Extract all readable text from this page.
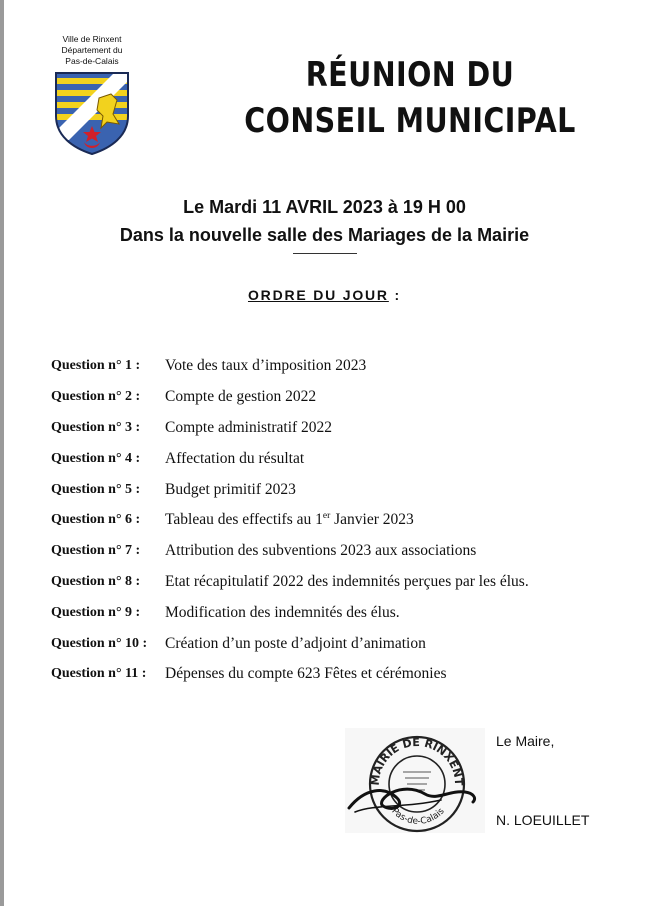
Ville de Rinxent
Département du
Pas-de-Calais	RÉUNION DU
CONSEIL MUNICIPAL
Le Mardi 11 AVRIL 2023 à 19 H 00
Dans la nouvelle salle des Mariages de la Mairie
ORDRE DU JOUR :
Question n° 1 :	Vote des taux d’imposition 2023
Question n° 2 :	Compte de gestion 2022
Question n° 3 :	Compte administratif 2022
Question n° 4 :	Affectation du résultat
Question n° 5 :	Budget primitif 2023
Question n° 6 :	Tableau des effectifs au 1er Janvier 2023
Question n° 7 :	Attribution des subventions 2023 aux associations
Question n° 8 :	Etat récapitulatif 2022 des indemnités perçues par les élus.
Question n° 9 :	Modification des indemnités des élus.
Question n° 10 :	Création d’un poste d’adjoint d’animation
Question n° 11 :	Dépenses du compte 623 Fêtes et cérémonies
MAIRIE DE RINXENT
Pas-de-Calais
Le Maire,
N. LOEUILLET
